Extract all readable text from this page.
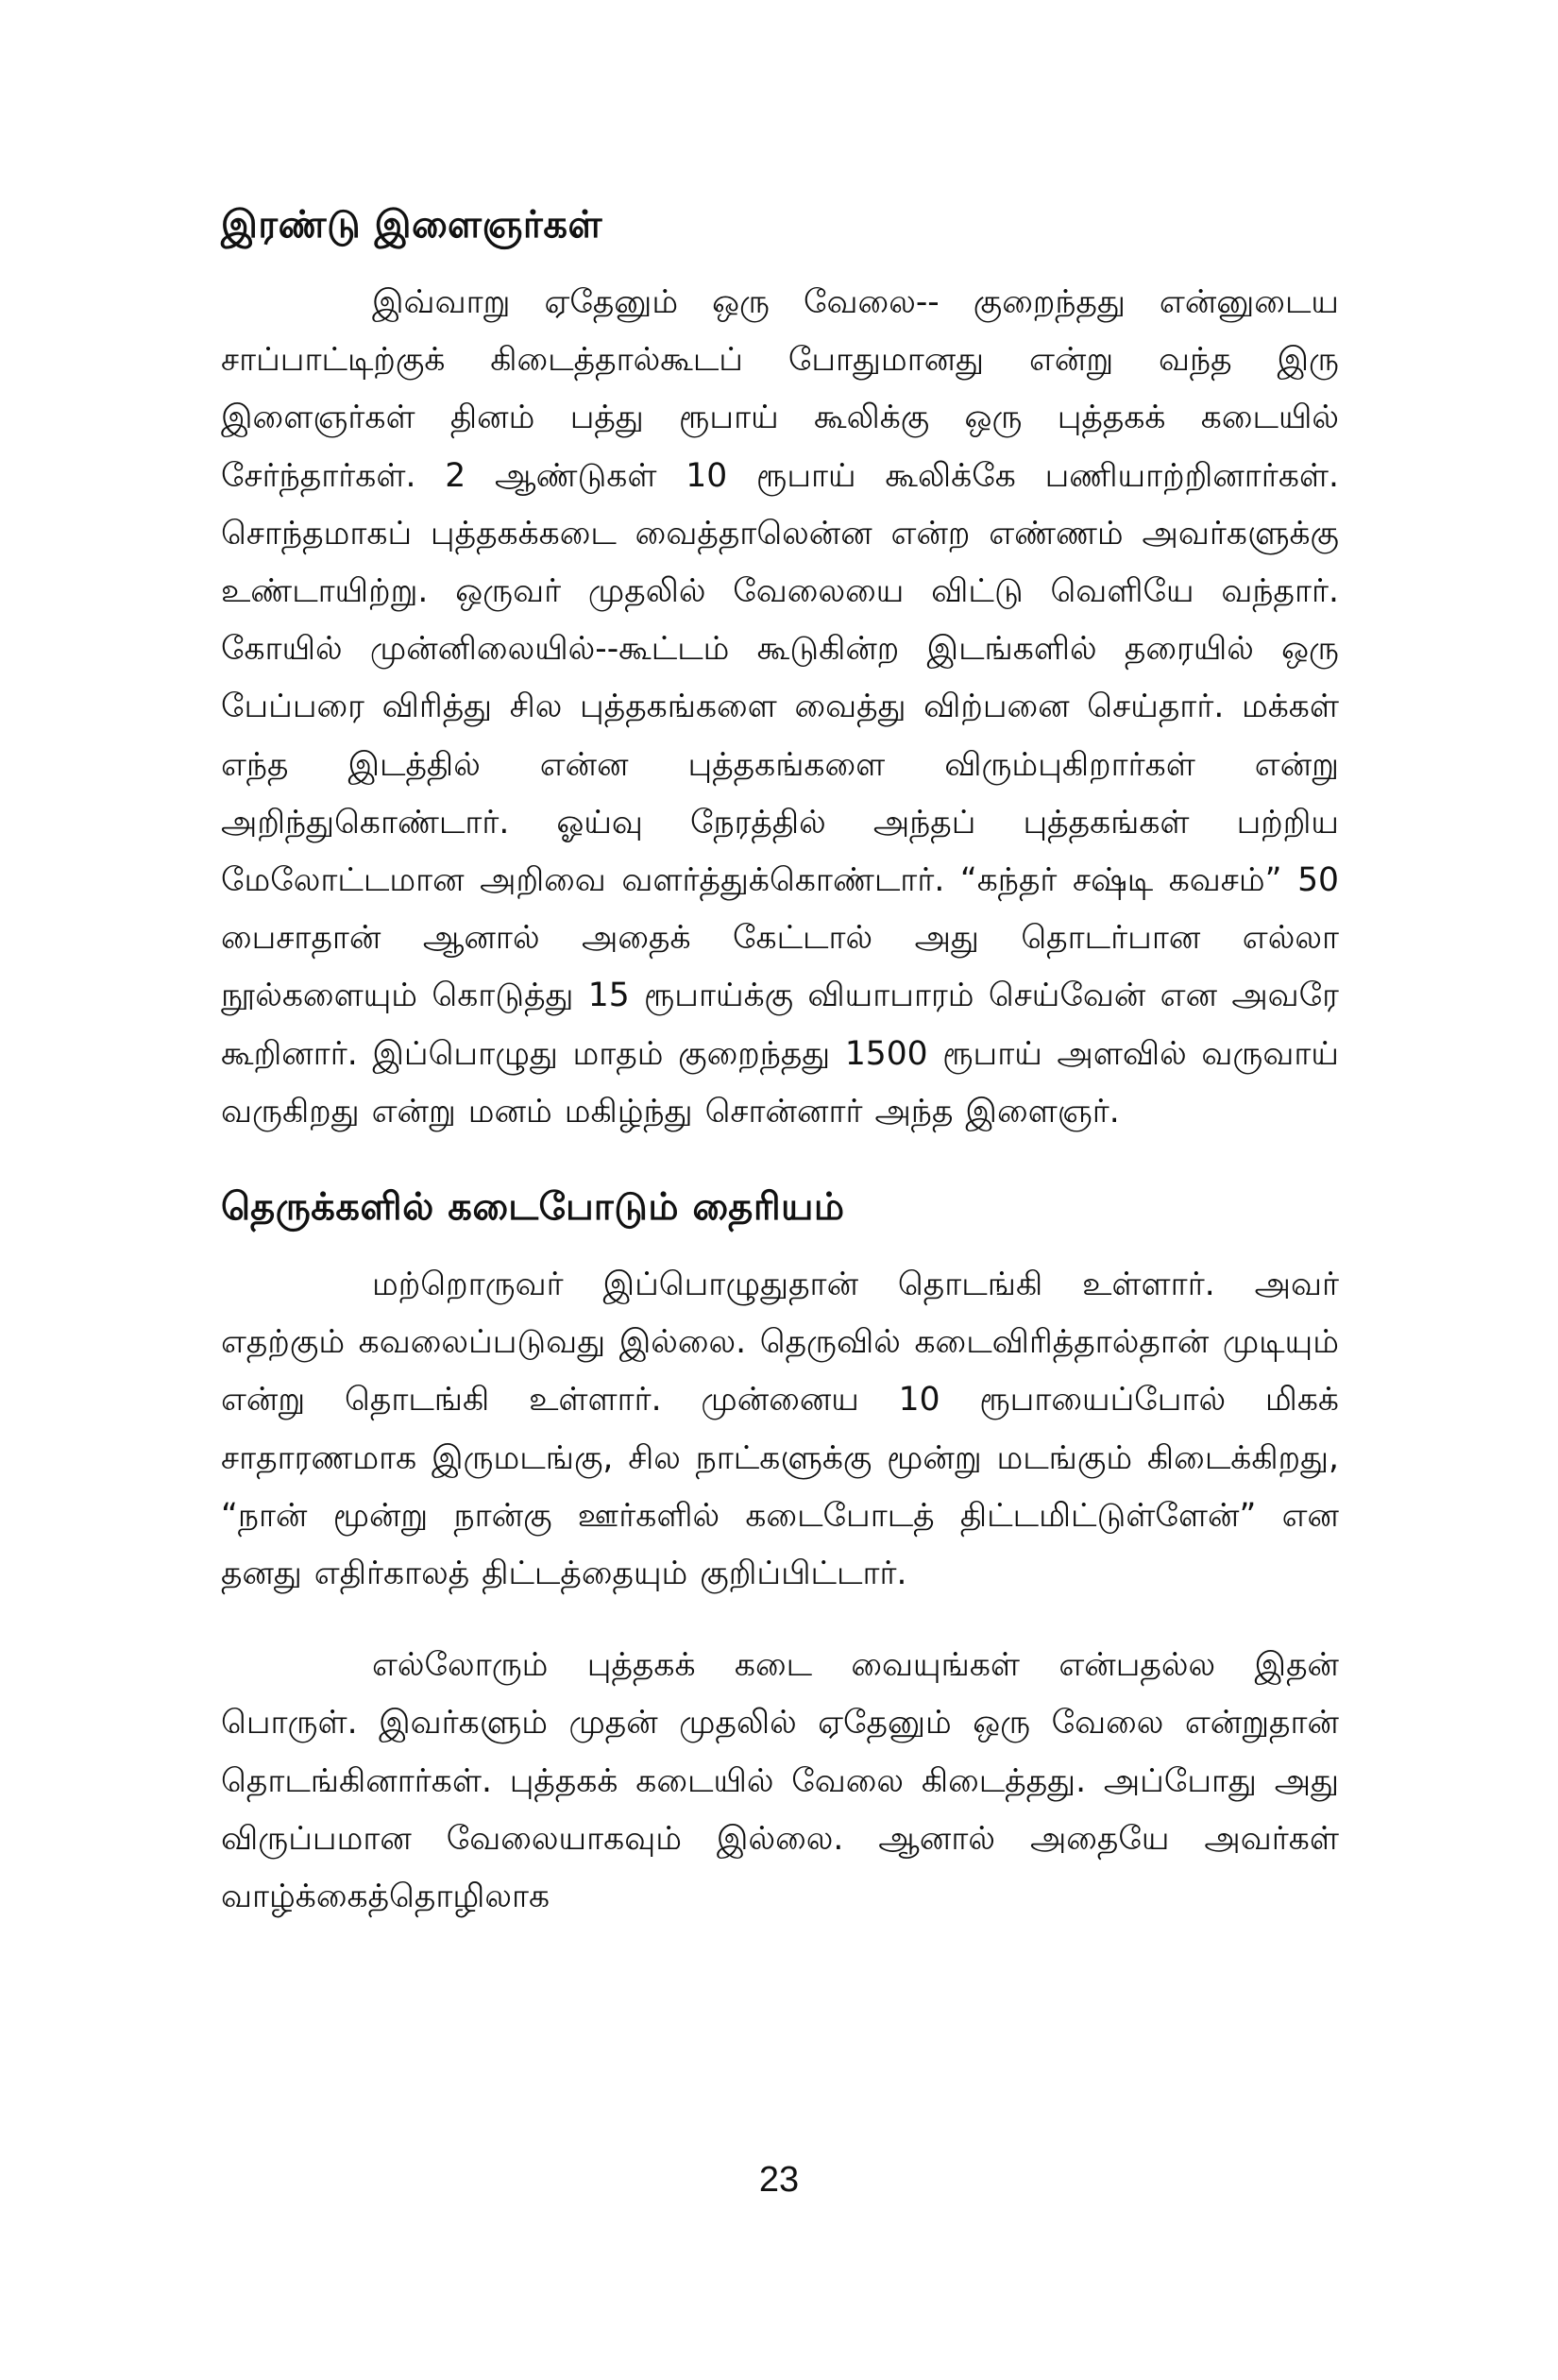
இரண்டு இளைஞர்கள்

இவ்வாறு ஏதேனும் ஒரு வேலை-- குறைந்தது என்னுடைய சாப்பாட்டிற்குக் கிடைத்தால்கூடப் போதுமானது என்று வந்த இரு இளைஞர்கள் தினம் பத்து ரூபாய் கூலிக்கு ஒரு புத்தகக் கடையில் சேர்ந்தார்கள். 2 ஆண்டுகள் 10 ரூபாய் கூலிக்கே பணியாற்றினார்கள். சொந்தமாகப் புத்தகக்கடை வைத்தாலென்ன என்ற எண்ணம் அவர்களுக்கு உண்டாயிற்று. ஒருவர் முதலில் வேலையை விட்டு வெளியே வந்தார். கோயில் முன்னிலையில்--கூட்டம் கூடுகின்ற இடங்களில் தரையில் ஒரு பேப்பரை விரித்து சில புத்தகங்களை வைத்து விற்பனை செய்தார். மக்கள் எந்த இடத்தில் என்ன புத்தகங்களை விரும்புகிறார்கள் என்று அறிந்துகொண்டார். ஓய்வு நேரத்தில் அந்தப் புத்தகங்கள் பற்றிய மேலோட்டமான அறிவை வளர்த்துக்கொண்டார். “கந்தர் சஷ்டி கவசம்” 50 பைசாதான் ஆனால் அதைக் கேட்டால் அது தொடர்பான எல்லா நூல்களையும் கொடுத்து 15 ரூபாய்க்கு வியாபாரம் செய்வேன் என அவரே கூறினார். இப்பொழுது மாதம் குறைந்தது 1500 ரூபாய் அளவில் வருவாய் வருகிறது என்று மனம் மகிழ்ந்து சொன்னார் அந்த இளைஞர்.

தெருக்களில் கடைபோடும் தைரியம்

மற்றொருவர் இப்பொழுதுதான் தொடங்கி உள்ளார். அவர் எதற்கும் கவலைப்படுவது இல்லை. தெருவில் கடைவிரித்தால்தான் முடியும் என்று தொடங்கி உள்ளார். முன்னைய 10 ரூபாயைப்போல் மிகக் சாதாரணமாக இருமடங்கு, சில நாட்களுக்கு மூன்று மடங்கும் கிடைக்கிறது, “நான் மூன்று நான்கு ஊர்களில் கடைபோடத் திட்டமிட்டுள்ளேன்” என தனது எதிர்காலத் திட்டத்தையும் குறிப்பிட்டார்.

எல்லோரும் புத்தகக் கடை வையுங்கள் என்பதல்ல இதன் பொருள். இவர்களும் முதன் முதலில் ஏதேனும் ஒரு வேலை என்றுதான் தொடங்கினார்கள். புத்தகக் கடையில் வேலை கிடைத்தது. அப்போது அது விருப்பமான வேலையாகவும் இல்லை. ஆனால் அதையே அவர்கள் வாழ்க்கைத்தொழிலாக

23
